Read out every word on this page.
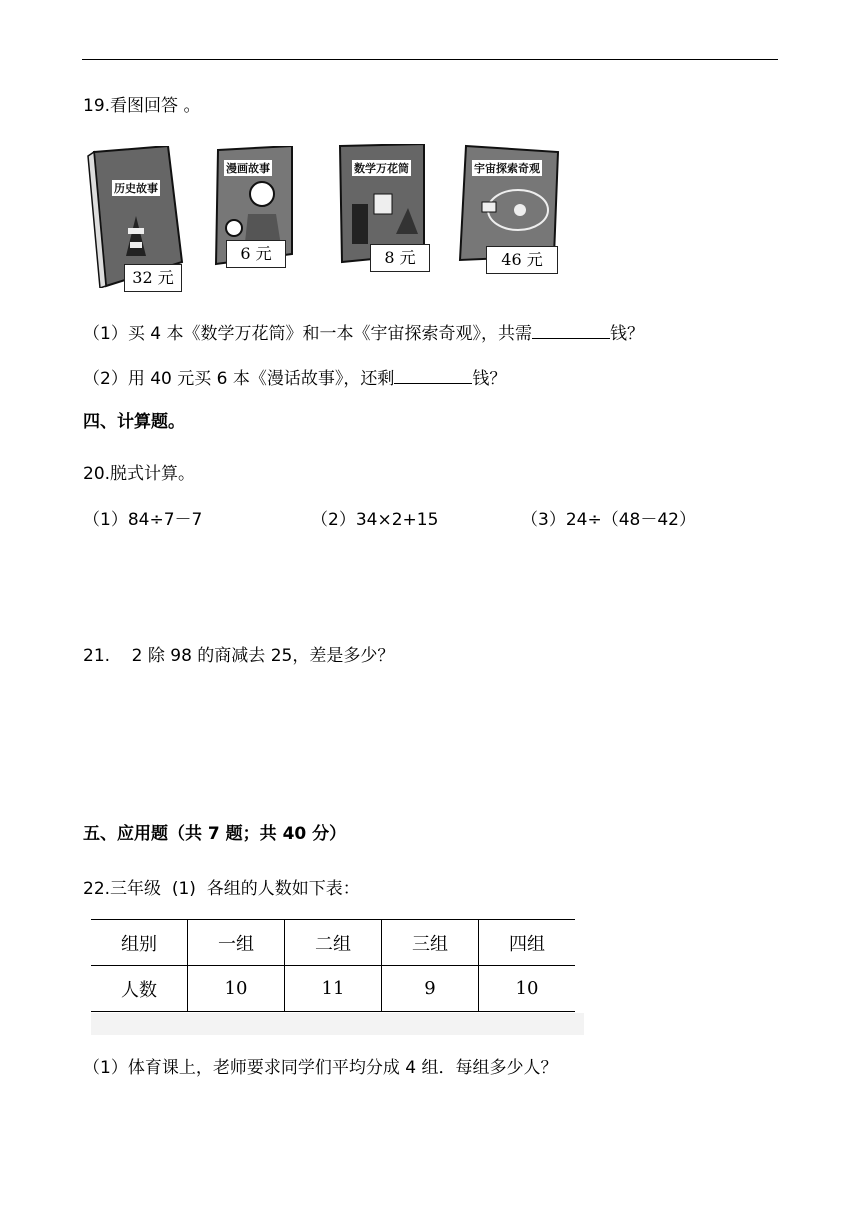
19.看图回答 。
历史故事
32 元
漫画故事
6 元
数学万花筒
8 元
宇宙探索奇观
46 元
（1）买 4 本《数学万花筒》和一本《宇宙探索奇观》，共需	钱？
（2）用 40 元买 6 本《漫话故事》，还剩	钱？
四、计算题。
20.脱式计算。
（1）84÷7－7	（2）34×2+15	（3）24÷（48－42）
21.    2 除 98 的商减去 25，差是多少？
五、应用题（共 7 题；共 40 分）
22.三年级  (1)  各组的人数如下表：
组别	一组	二组	三组	四组
人数	10	11	9	10
（1）体育课上，老师要求同学们平均分成 4 组．每组多少人？
